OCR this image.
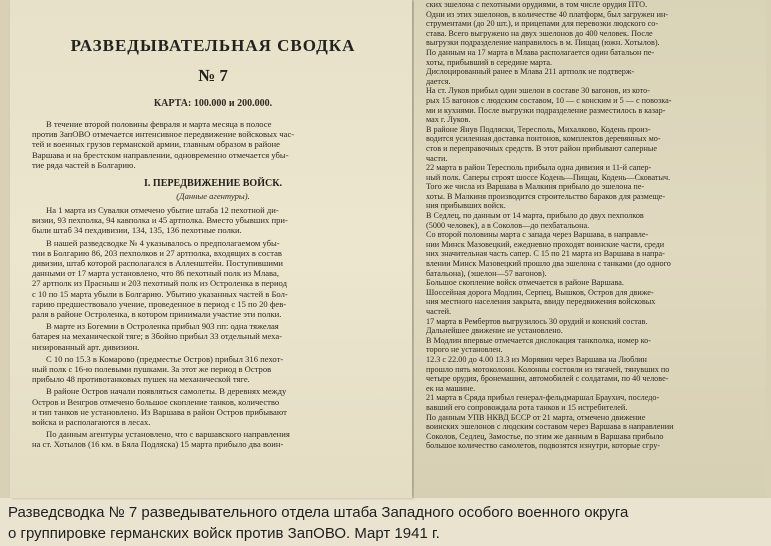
РАЗВЕДЫВАТЕЛЬНАЯ СВОДКА
№ 7
КАРТА: 100.000 и 200.000.
В течение второй половины февраля и марта месяца в полосе
против ЗапОВО отмечается интенсивное передвижение войсковых час-
тей и военных грузов германской армии, главным образом в районе
Варшава и на брестском направлении, одновременно отмечается убы-
тие ряда частей в Болгарию.
I. ПЕРЕДВИЖЕНИЕ ВОЙСК.
(Данные агентуры).
На 1 марта из Сувалки отмечено убытие штаба 12 пехотной ди-
визии, 93 пехполка, 94 кавполка и 45 артполка. Вместо убывших при-
были штаб 34 пехдивизии, 134, 135, 136 пехотные полки.
В нашей разведсводке № 4 указывалось о предполагаемом убы-
тии в Болгарию 86, 203 пехполков и 27 артполка, входящих в состав
дивизии, штаб которой располагался в Алленштейн. Поступившими
данными от 17 марта установлено, что 86 пехотный полк из Млава,
27 артполк из Прасныш и 203 пехотный полк из Остроленка в период
с 10 по 15 марта убыли в Болгарию. Убытию указанных частей в Бол-
гарию предшествовало учение, проведенное в период с 15 по 20 фев-
раля в районе Остроленка, в котором принимали участие эти полки.
В марте из Богемии в Остроленка прибыл 903 пп: одна тяжелая
батарея на механической тяге; в Збойно прибыл 33 отдельный меха-
низированный арт. дивизион.
С 10 по 15.3 в Комарово (предместье Остров) прибыл 316 пехот-
ный полк с 16-ю полевыми пушками. За этот же период в Остров
прибыло 48 противотанковых пушек на механической тяге.
В районе Остров начали появляться самолеты. В деревнях между
Остров и Венгров отмечено большое скопление танков, количество
и тип танков не установлено. Из Варшава в район Остров прибывают
войска и располагаются в лесах.
По данным агентуры установлено, что с варшавского направления
на ст. Хотылов (16 км. в Бяла Подляска) 15 марта прибыло два воин-
ских эшелона с пехотными орудиями, в том числе орудия ПТО.
Одни из этих эшелонов, в количестве 40 платформ, был загружен ин-
струментами (до 20 шт.), и прицепами для перевозки людского со-
става. Всего выгружено на двух эшелонов до 400 человек. После
выгрузки подразделение направилось в м. Пищац (южн. Хотылов).
По данным на 17 марта в Млава располагается один батальон пе-
хоты, прибывший в середине марта.
Дислоцированный ранее в Млава 211 артполк не подтверж-
дается.
На ст. Луков прибыл один эшелон в составе 30 вагонов, из кото-
рых 15 вагонов с людским составом, 10 — с конским и 5 — с повозка-
ми и кухнями. После выгрузки подразделение разместилось в казар-
мах г. Луков.
В районе Янув Подляски, Тересполь, Михалково, Кодень произ-
водится усиленная доставка понтонов, комплектов деревянных мо-
стов и переправочных средств. В этот район прибывают саперные
части.
22 марта в район Тересполь прибыла одна дивизия и 11-й сапер-
ный полк. Саперы строят шоссе Кодень—Пищац, Кодень—Сковатыч.
Того же числа из Варшава в Малкиня прибыло до эшелона пе-
хоты. В Малкиня производится строительство бараков для размеще-
ния прибывших войск.
В Седлец, по данным от 14 марта, прибыло до двух пехполков
(5000 человек), а в Соколов—до пехбатальона.
Со второй половины марта с запада через Варшава, в направле-
нии Минск Мазовецкий, ежедневно проходят воинские части, среди
них значительная часть сапер. С 15 по 21 марта из Варшава в напра-
влении Минск Мазовецкий прошло два эшелона с танками (до одного
батальона), (эшелон—57 вагонов).
Большое скопление войск отмечается в районе Варшава.
Шоссейная дорога Модлин, Серпец, Вышков, Остров для движе-
ния местного населения закрыта, ввиду передвижения войсковых
частей.
17 марта в Рембертов выгрузилось 30 орудий и конский состав.
Дальнейшее движение не установлено.
В Модлин впервые отмечается дислокация танкполка, номер ко-
торого не установлен.
12.3 с 22.00 до 4.00 13.3 из Морявин через Варшава на Люблин
прошло пять мотоколонн. Колонны состояли из тягачей, тянувших по
четыре орудия, бронемашин, автомобилей с солдатами, по 40 челове-
ек на машине.
21 марта в Сряда прибыл генерал-фельдмаршал Браухич, последо-
вавший его сопровождала рота танков и 15 истребителей.
По данным УПВ НКВД БССР от 21 марта, отмечено движение
воинских эшелонов с людским составом через Варшава в направлении
Соколов, Седлец, Замостье, по этим же данным в Варшава прибыло
большое количество самолетов, подвозятся изнутри, которые сгру-
Разведсводка № 7 разведывательного отдела штаба Западного особого военного округа
о группировке германских войск против ЗапОВО. Март 1941 г.
